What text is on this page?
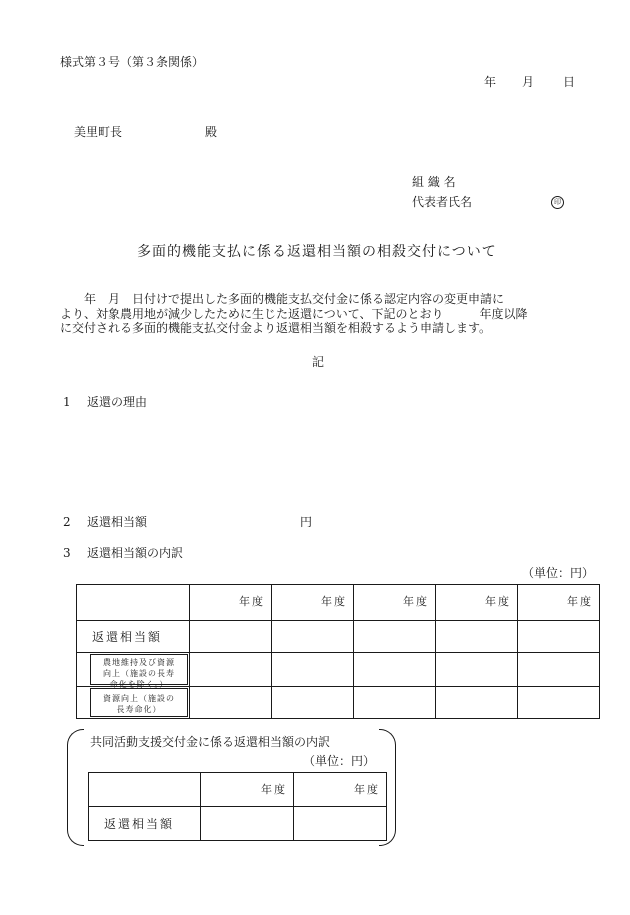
様式第３号（第３条関係）
年 月 日
美里町長	殿
組 織 名
代表者氏名	印
多面的機能支払に係る返還相当額の相殺交付について
　　年　月　日付けで提出した多面的機能支払交付金に係る認定内容の変更申請に
より、対象農用地が減少したために生じた返還について、下記のとおり　　　年度以降
に交付される多面的機能支払交付金より返還相当額を相殺するよう申請します。
記
1 返還の理由
2 返還相当額	円
3 返還相当額の内訳
（単位：円）
	年度	年度	年度	年度	年度
返還相当額					

農地維持及び資源
向上（施設の長寿
命化を除く。）					

資源向上（施設の
長寿命化）					

共同活動支援交付金に係る返還相当額の内訳
（単位：円）
	年度	年度
返還相当額		
